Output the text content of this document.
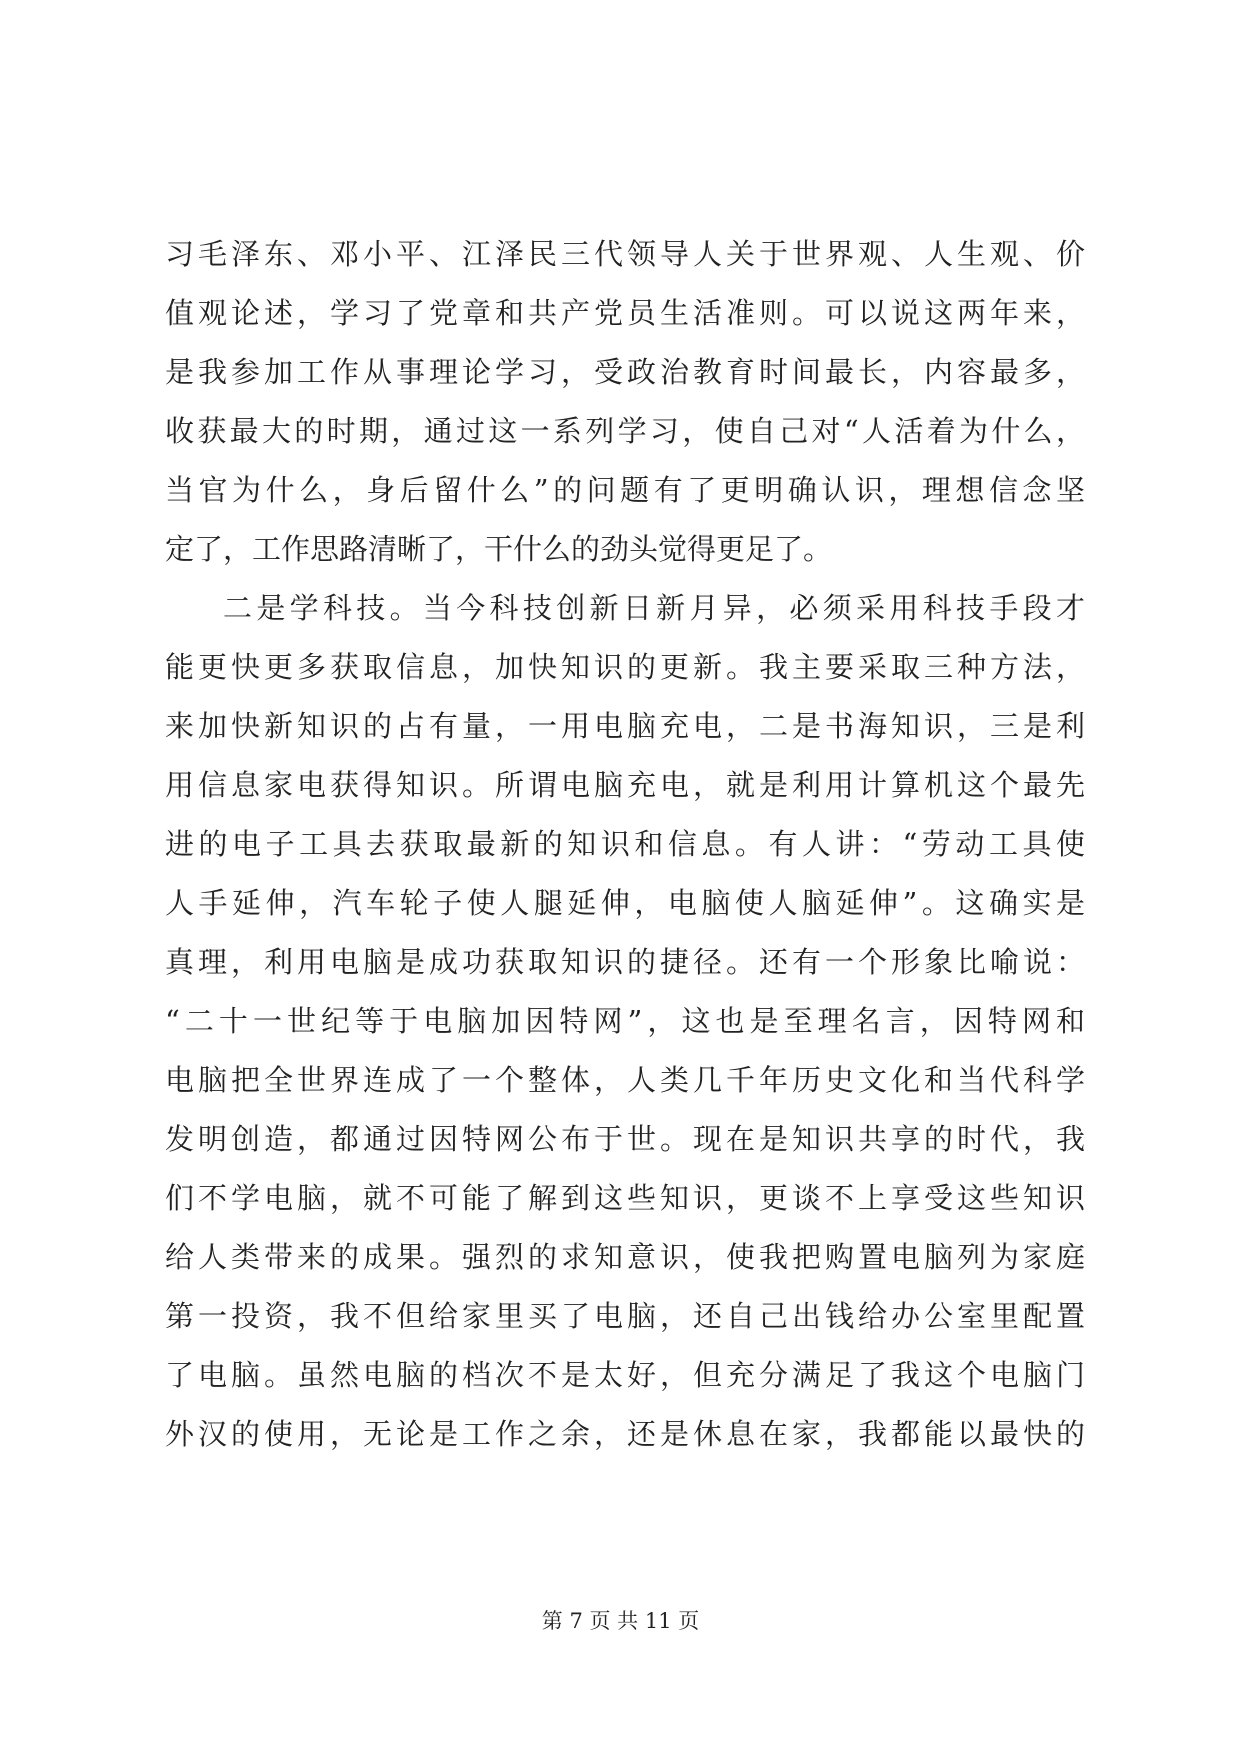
习毛泽东、邓小平、江泽民三代领导人关于世界观、人生观、价
值观论述，学习了党章和共产党员生活准则。可以说这两年来，
是我参加工作从事理论学习，受政治教育时间最长，内容最多，
收获最大的时期，通过这一系列学习，使自己对“人活着为什么，
当官为什么，身后留什么”的问题有了更明确认识，理想信念坚
定了，工作思路清晰了，干什么的劲头觉得更足了。
二是学科技。当今科技创新日新月异，必须采用科技手段才
能更快更多获取信息，加快知识的更新。我主要采取三种方法，
来加快新知识的占有量，一用电脑充电，二是书海知识，三是利
用信息家电获得知识。所谓电脑充电，就是利用计算机这个最先
进的电子工具去获取最新的知识和信息。有人讲：“劳动工具使
人手延伸，汽车轮子使人腿延伸，电脑使人脑延伸”。这确实是
真理，利用电脑是成功获取知识的捷径。还有一个形象比喻说：
“二十一世纪等于电脑加因特网”，这也是至理名言，因特网和
电脑把全世界连成了一个整体，人类几千年历史文化和当代科学
发明创造，都通过因特网公布于世。现在是知识共享的时代，我
们不学电脑，就不可能了解到这些知识，更谈不上享受这些知识
给人类带来的成果。强烈的求知意识，使我把购置电脑列为家庭
第一投资，我不但给家里买了电脑，还自己出钱给办公室里配置
了电脑。虽然电脑的档次不是太好，但充分满足了我这个电脑门
外汉的使用，无论是工作之余，还是休息在家，我都能以最快的
第 7 页 共 11 页
